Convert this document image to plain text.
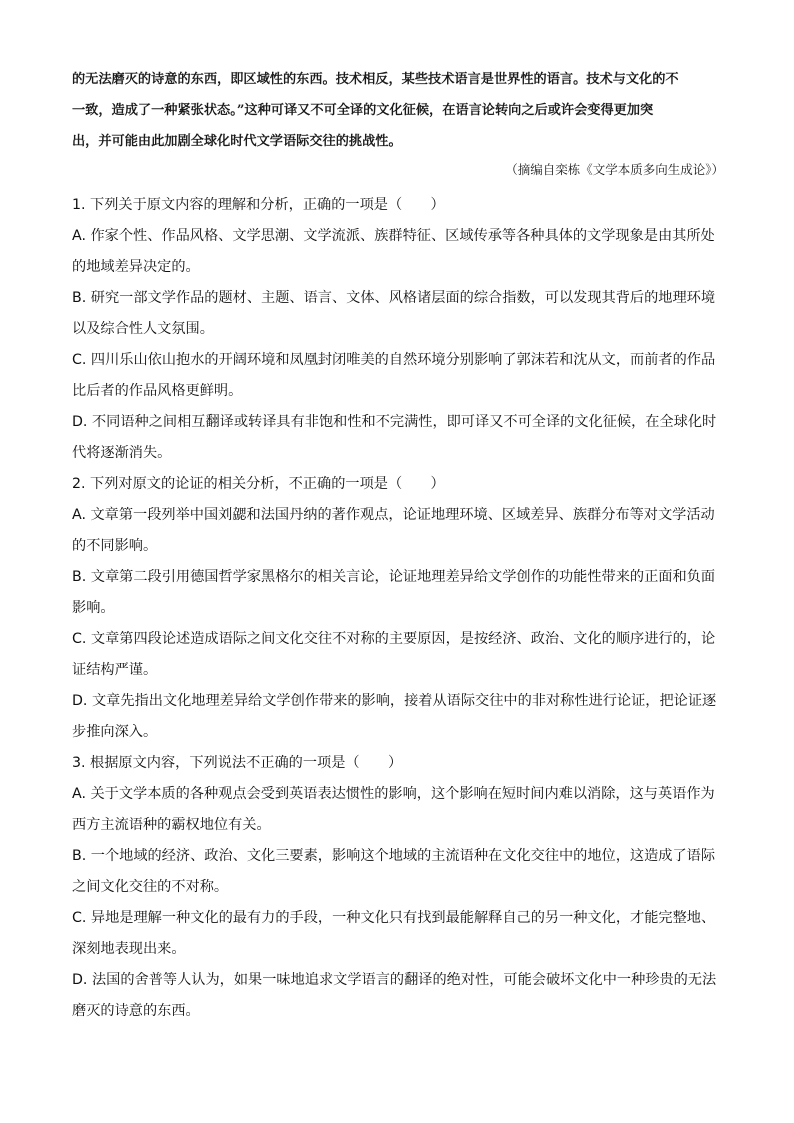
的无法磨灭的诗意的东西，即区域性的东西。技术相反，某些技术语言是世界性的语言。技术与文化的不
一致，造成了一种紧张状态。”这种可译又不可全译的文化征候，在语言论转向之后或许会变得更加突
出，并可能由此加剧全球化时代文学语际交往的挑战性。
（摘编自栾栋《文学本质多向生成论》）
1. 下列关于原文内容的理解和分析，正确的一项是（　　）
A. 作家个性、作品风格、文学思潮、文学流派、族群特征、区域传承等各种具体的文学现象是由其所处
的地域差异决定的。
B. 研究一部文学作品的题材、主题、语言、文体、风格诸层面的综合指数，可以发现其背后的地理环境
以及综合性人文氛围。
C. 四川乐山依山抱水的开阔环境和凤凰封闭唯美的自然环境分别影响了郭沫若和沈从文，而前者的作品
比后者的作品风格更鲜明。
D. 不同语种之间相互翻译或转译具有非饱和性和不完满性，即可译又不可全译的文化征候，在全球化时
代将逐渐消失。
2. 下列对原文的论证的相关分析，不正确的一项是（　　）
A. 文章第一段列举中国刘勰和法国丹纳的著作观点，论证地理环境、区域差异、族群分布等对文学活动
的不同影响。
B. 文章第二段引用德国哲学家黑格尔的相关言论，论证地理差异给文学创作的功能性带来的正面和负面
影响。
C. 文章第四段论述造成语际之间文化交往不对称的主要原因，是按经济、政治、文化的顺序进行的，论
证结构严谨。
D. 文章先指出文化地理差异给文学创作带来的影响，接着从语际交往中的非对称性进行论证，把论证逐
步推向深入。
3. 根据原文内容，下列说法不正确的一项是（　　）
A. 关于文学本质的各种观点会受到英语表达惯性的影响，这个影响在短时间内难以消除，这与英语作为
西方主流语种的霸权地位有关。
B. 一个地域的经济、政治、文化三要素，影响这个地域的主流语种在文化交往中的地位，这造成了语际
之间文化交往的不对称。
C. 异地是理解一种文化的最有力的手段，一种文化只有找到最能解释自己的另一种文化，才能完整地、
深刻地表现出来。
D. 法国的舍普等人认为，如果一味地追求文学语言的翻译的绝对性，可能会破坏文化中一种珍贵的无法
磨灭的诗意的东西。
